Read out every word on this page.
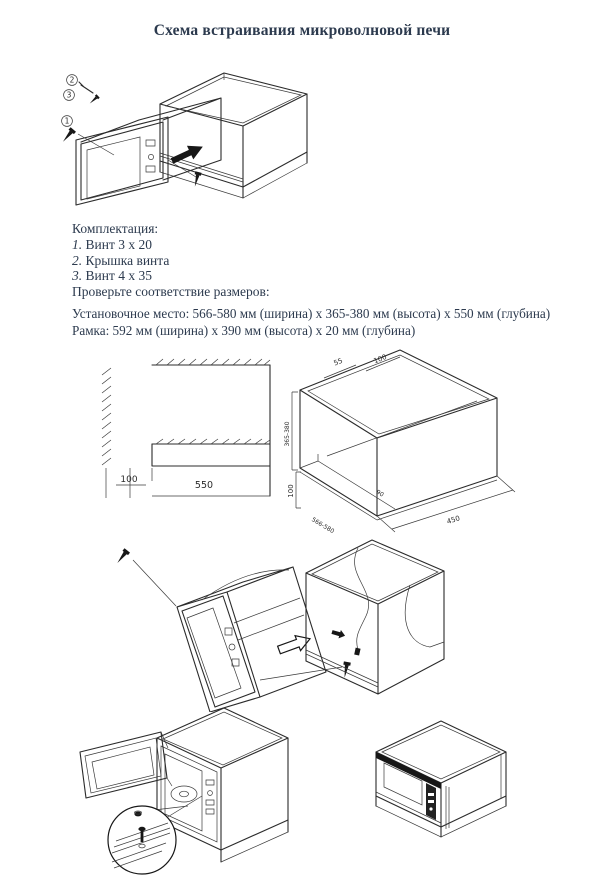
Схема встраивания микроволновой печи
2
3
1
Комплектация:
1. Винт 3 х 20
2. Крышка винта
3. Винт 4 х 35
Проверьте соответствие размеров:
Установочное место: 566-580 мм (ширина) x 365-380 мм (высота) x 550 мм (глубина)
Рамка: 592 мм (ширина) x 390 мм (высота) x 20 мм (глубина)
100	550
55	100
365-380
100	90
566-580	450
